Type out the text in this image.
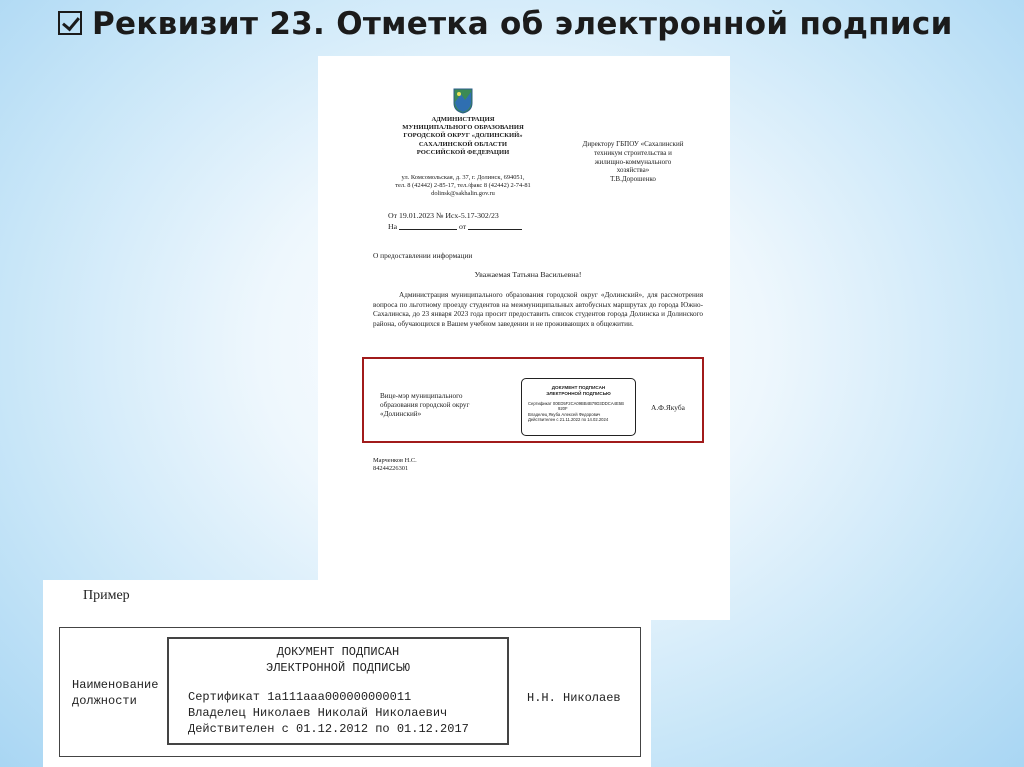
Реквизит 23. Отметка об электронной подписи
АДМИНИСТРАЦИЯ
МУНИЦИПАЛЬНОГО ОБРАЗОВАНИЯ
ГОРОДСКОЙ ОКРУГ «ДОЛИНСКИЙ»
САХАЛИНСКОЙ ОБЛАСТИ
РОССИЙСКОЙ ФЕДЕРАЦИИ
ул. Комсомольская, д. 37, г. Долинск, 694051,
тел. 8 (42442) 2-85-17, тел./факс 8 (42442) 2-74-81
dolinsk@sakhalin.gov.ru
Директору ГБПОУ «Сахалинский
техникум строительства и
жилищно-коммунального
хозяйства»
Т.В.Дорошенко
От 19.01.2023 № Исх-5.17-302/23
На	от
О предоставлении информации
Уважаемая Татьяна Васильевна!
Администрация муниципального образования городской округ «Долинский», для рассмотрения вопроса по льготному проезду студентов на межмуниципальных автобусных маршрутах до города Южно-Сахалинска, до 23 января 2023 года просит предоставить список студентов города Долинска и Долинского района, обучающихся в Вашем учебном заведении и не проживающих в общежитии.
Вице-мэр муниципального
образования городской округ
«Долинский»
ДОКУМЕНТ ПОДПИСАН
ЭЛЕКТРОННОЙ ПОДПИСЬЮ
Сертификат 00ED5F2CA09BB4B79D3DDCA4E5B
920F
Владелец Якуба Алексей Федорович
Действителен с 21.11.2022 по 14.02.2024
А.Ф.Якуба
Марченков Н.С.
84244226301
Пример
Наименование
должности
ДОКУМЕНТ ПОДПИСАН
ЭЛЕКТРОННОЙ ПОДПИСЬЮ
Сертификат 1a111aaa000000000011
Владелец Николаев Николай Николаевич
Действителен с 01.12.2012 по 01.12.2017
Н.Н. Николаев
